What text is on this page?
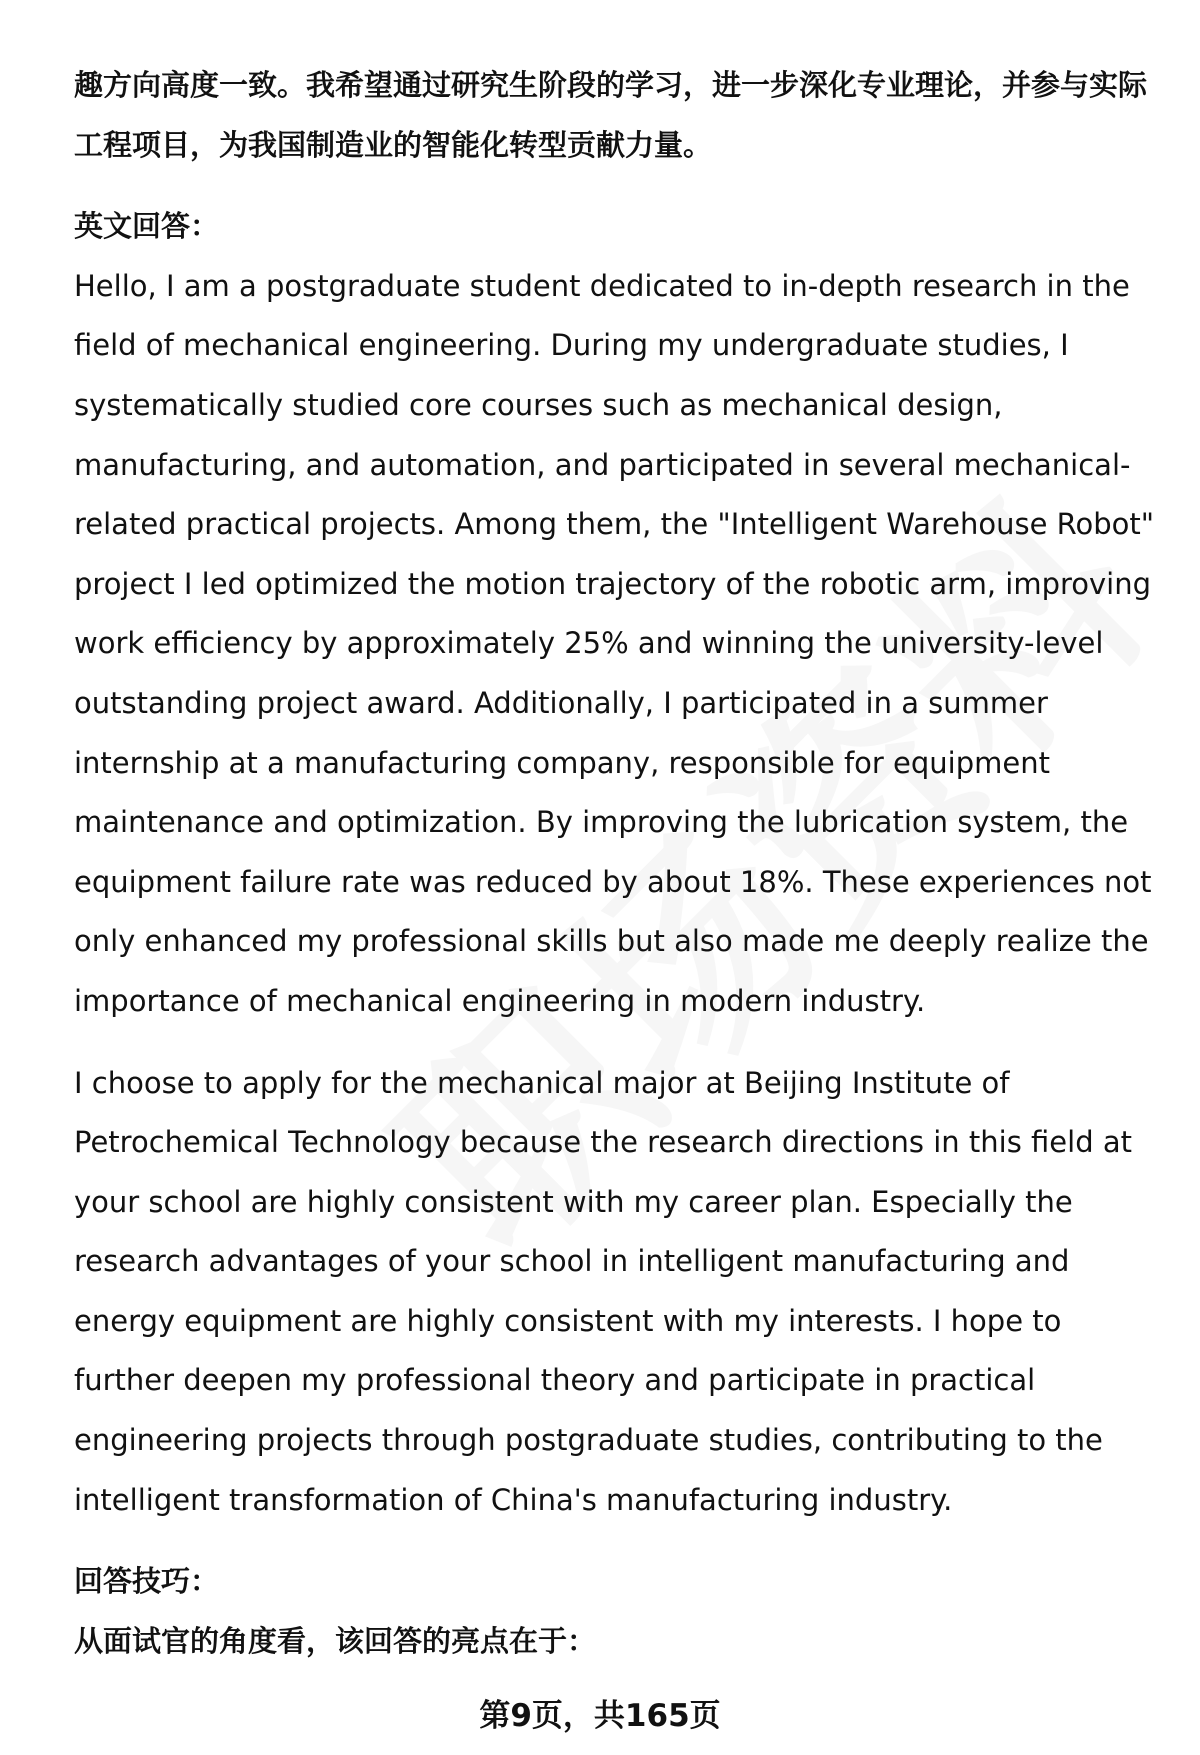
趣方向高度一致。我希望通过研究生阶段的学习，进一步深化专业理论，并参与实际工程项目，为我国制造业的智能化转型贡献力量。

英文回答：

Hello, I am a postgraduate student dedicated to in-depth research in the field of mechanical engineering. During my undergraduate studies, I systematically studied core courses such as mechanical design, manufacturing, and automation, and participated in several mechanical-related practical projects. Among them, the "Intelligent Warehouse Robot" project I led optimized the motion trajectory of the robotic arm, improving work efficiency by approximately 25% and winning the university-level outstanding project award. Additionally, I participated in a summer internship at a manufacturing company, responsible for equipment maintenance and optimization. By improving the lubrication system, the equipment failure rate was reduced by about 18%. These experiences not only enhanced my professional skills but also made me deeply realize the importance of mechanical engineering in modern industry.

I choose to apply for the mechanical major at Beijing Institute of Petrochemical Technology because the research directions in this field at your school are highly consistent with my career plan. Especially the research advantages of your school in intelligent manufacturing and energy equipment are highly consistent with my interests. I hope to further deepen my professional theory and participate in practical engineering projects through postgraduate studies, contributing to the intelligent transformation of China's manufacturing industry.

回答技巧：

从面试官的角度看，该回答的亮点在于：

第9页，共165页
